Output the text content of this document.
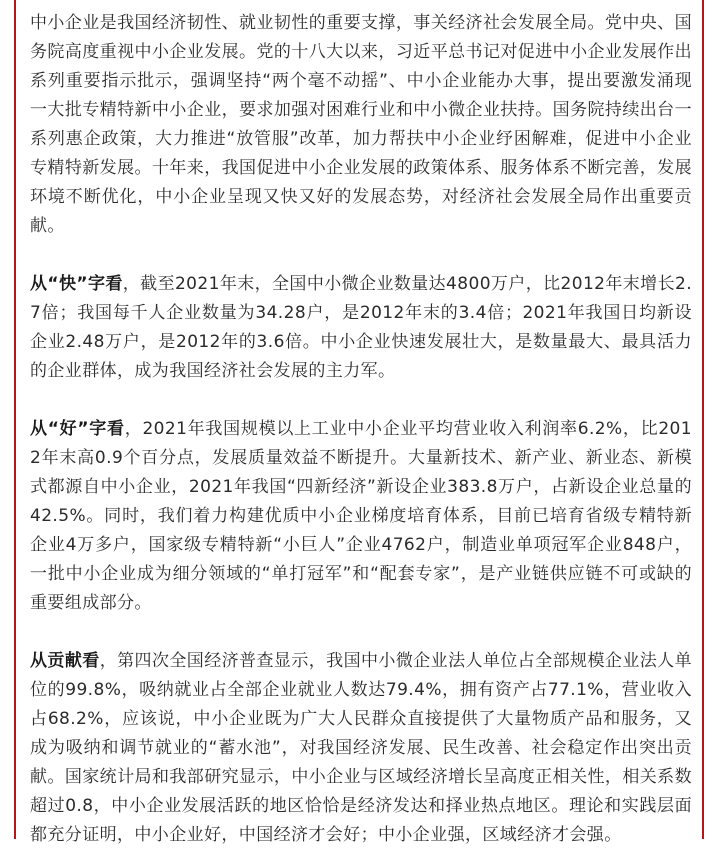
中小企业是我国经济韧性、就业韧性的重要支撑，事关经济社会发展全局。党中央、国务院高度重视中小企业发展。党的十八大以来，习近平总书记对促进中小企业发展作出系列重要指示批示，强调坚持“两个毫不动摇”、中小企业能办大事，提出要激发涌现一大批专精特新中小企业，要求加强对困难行业和中小微企业扶持。国务院持续出台一系列惠企政策，大力推进“放管服”改革，加力帮扶中小企业纾困解难，促进中小企业专精特新发展。十年来，我国促进中小企业发展的政策体系、服务体系不断完善，发展环境不断优化，中小企业呈现又快又好的发展态势，对经济社会发展全局作出重要贡献。

从“快”字看，截至2021年末，全国中小微企业数量达4800万户，比2012年末增长2.7倍；我国每千人企业数量为34.28户，是2012年末的3.4倍；2021年我国日均新设企业2.48万户，是2012年的3.6倍。中小企业快速发展壮大，是数量最大、最具活力的企业群体，成为我国经济社会发展的主力军。

从“好”字看，2021年我国规模以上工业中小企业平均营业收入利润率6.2%，比2012年末高0.9个百分点，发展质量效益不断提升。大量新技术、新产业、新业态、新模式都源自中小企业，2021年我国“四新经济”新设企业383.8万户，占新设企业总量的42.5%。同时，我们着力构建优质中小企业梯度培育体系，目前已培育省级专精特新企业4万多户，国家级专精特新“小巨人”企业4762户，制造业单项冠军企业848户，一批中小企业成为细分领域的“单打冠军”和“配套专家”，是产业链供应链不可或缺的重要组成部分。

从贡献看，第四次全国经济普查显示，我国中小微企业法人单位占全部规模企业法人单位的99.8%，吸纳就业占全部企业就业人数达79.4%，拥有资产占77.1%，营业收入占68.2%，应该说，中小企业既为广大人民群众直接提供了大量物质产品和服务，又成为吸纳和调节就业的“蓄水池”，对我国经济发展、民生改善、社会稳定作出突出贡献。国家统计局和我部研究显示，中小企业与区域经济增长呈高度正相关性，相关系数超过0.8，中小企业发展活跃的地区恰恰是经济发达和择业热点地区。理论和实践层面都充分证明，中小企业好，中国经济才会好；中小企业强，区域经济才会强。
